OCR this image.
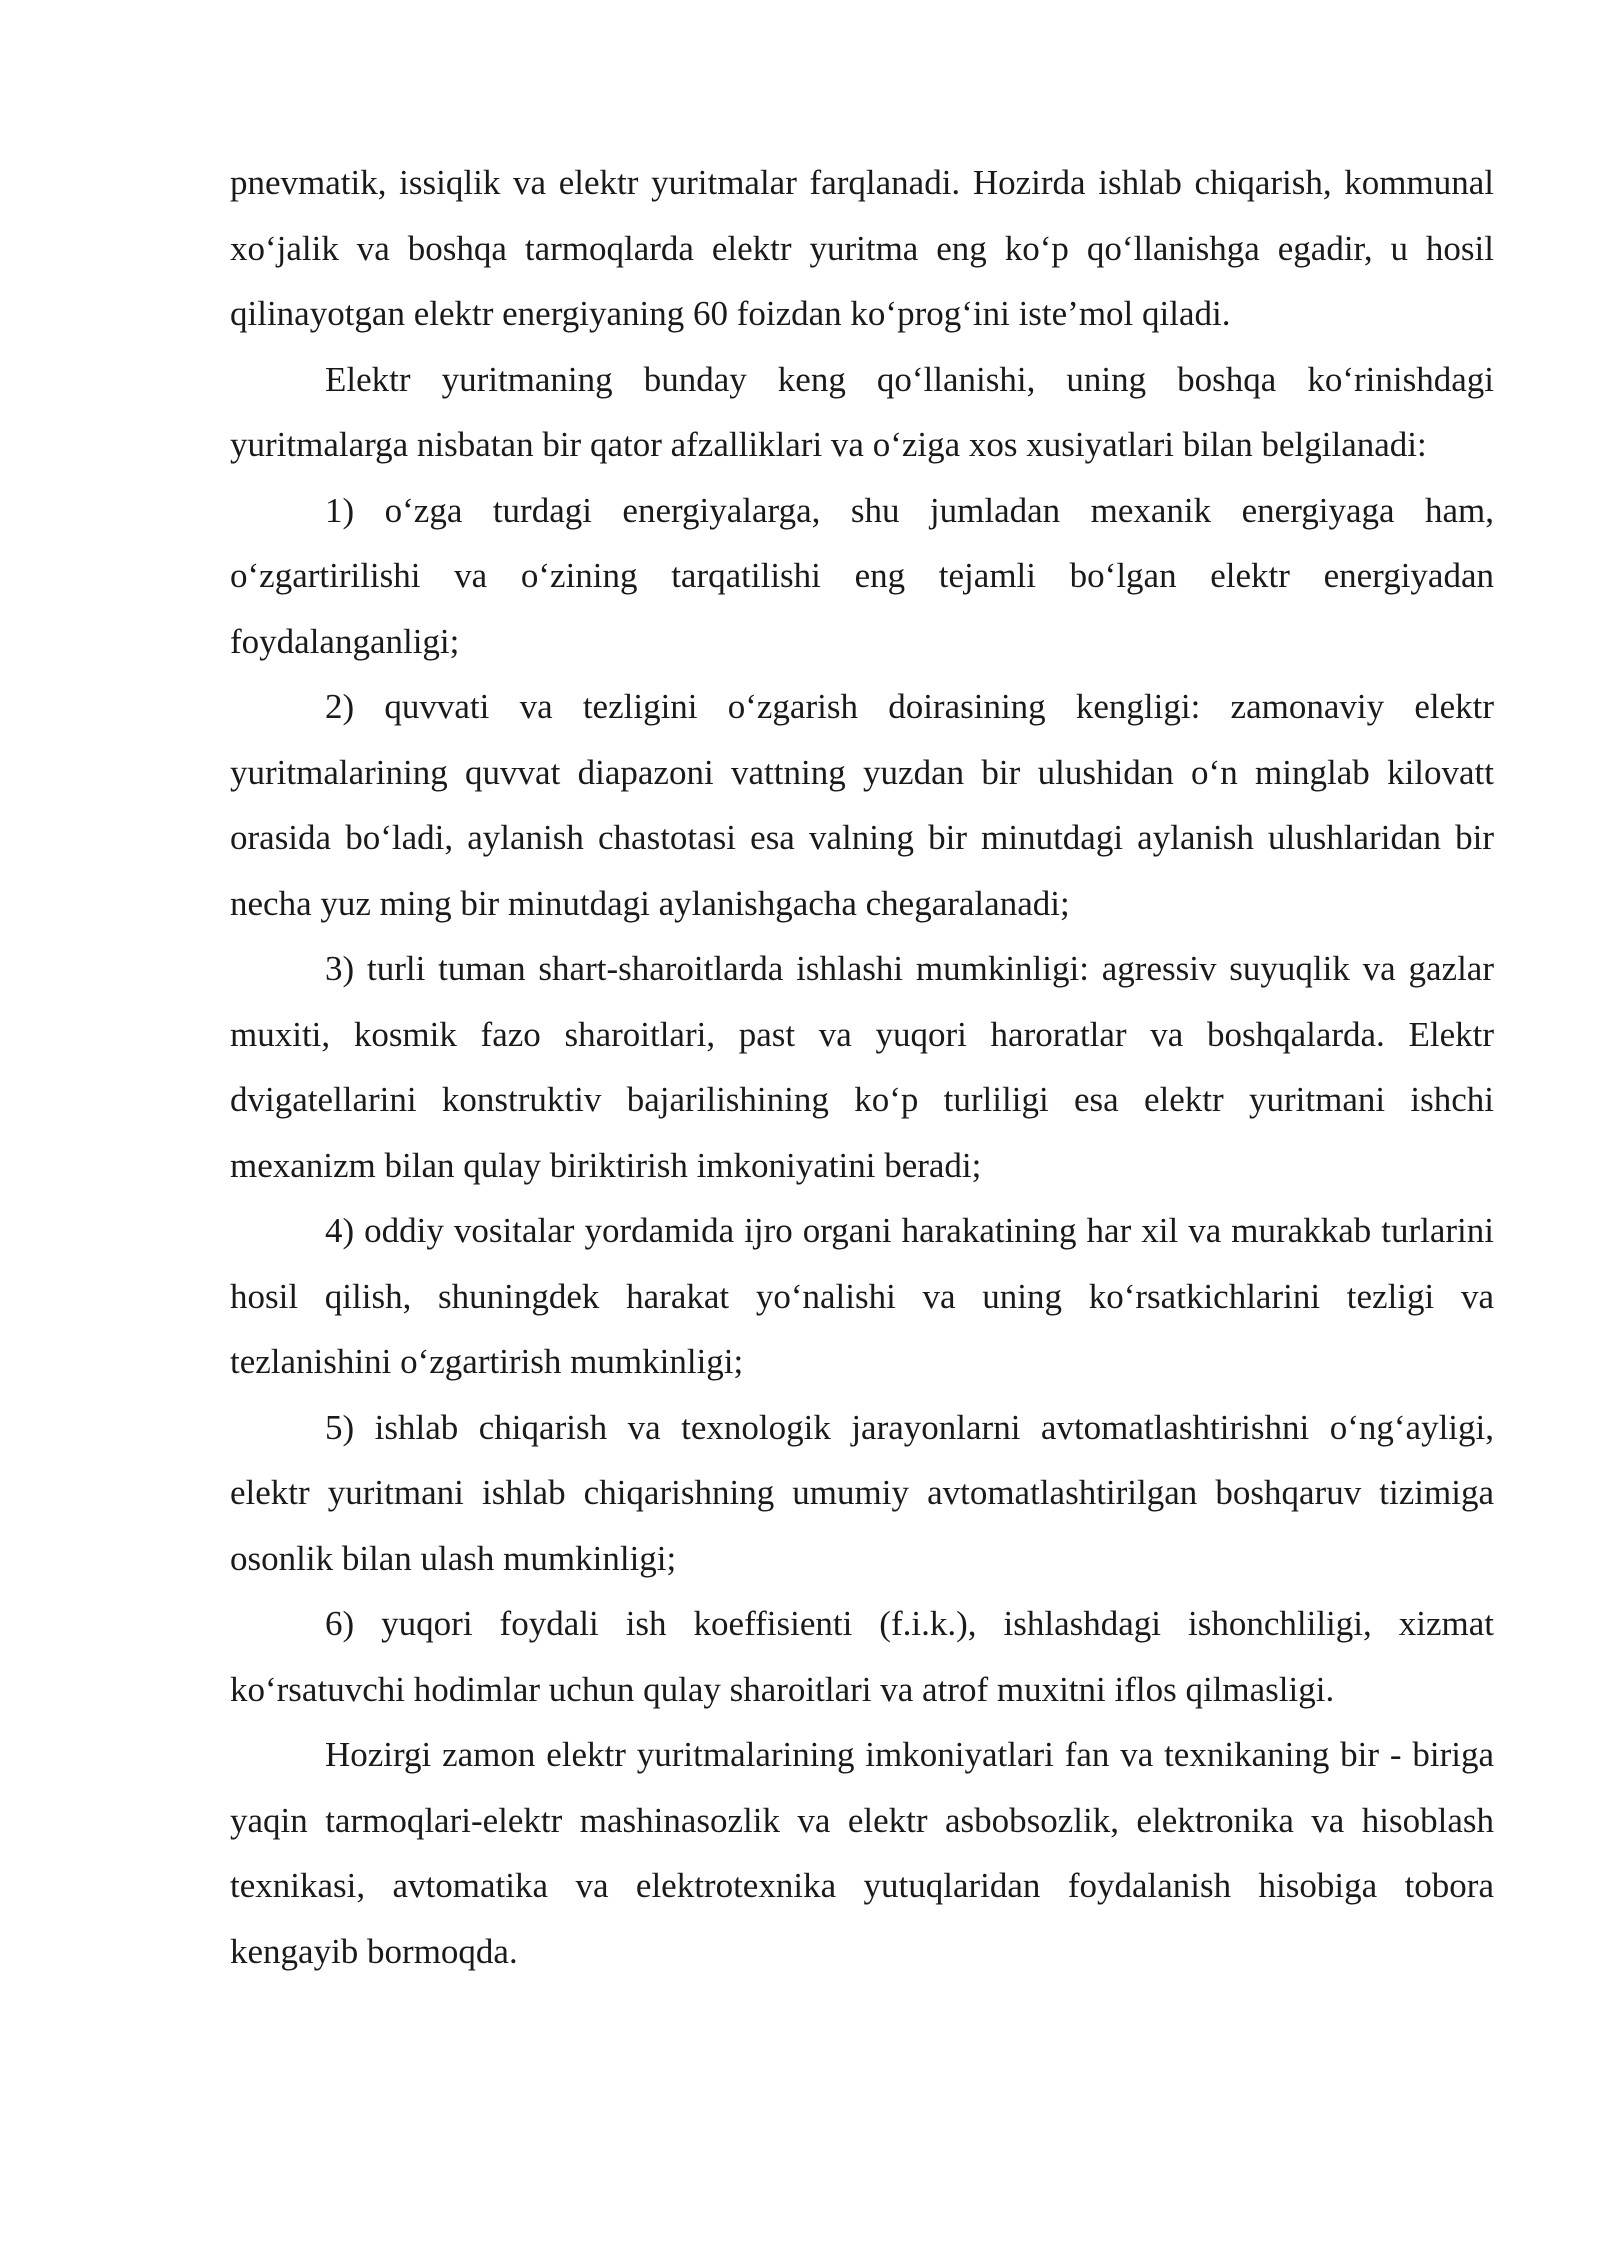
pnevmatik, issiqlik va elektr yuritmalar farqlanadi. Hozirda ishlab chiqarish, kommunal xo‘jalik va boshqa tarmoqlarda elektr yuritma eng ko‘p qo‘llanishga egadir, u hosil qilinayotgan elektr energiyaning 60 foizdan ko‘prog‘ini iste’mol qiladi.

Elektr yuritmaning bunday keng qo‘llanishi, uning boshqa ko‘rinishdagi yuritmalarga nisbatan bir qator afzalliklari va o‘ziga xos xusiyatlari bilan belgilanadi:

1) o‘zga turdagi energiyalarga, shu jumladan mexanik energiyaga ham, o‘zgartirilishi va o‘zining tarqatilishi eng tejamli bo‘lgan elektr energiyadan foydalanganligi;

2) quvvati va tezligini o‘zgarish doirasining kengligi: zamonaviy elektr yuritmalarining quvvat diapazoni vattning yuzdan bir ulushidan o‘n minglab kilovatt orasida bo‘ladi, aylanish chastotasi esa valning bir minutdagi aylanish ulushlaridan bir necha yuz ming bir minutdagi aylanishgacha chegaralanadi;

3) turli tuman shart-sharoitlarda ishlashi mumkinligi: agressiv suyuqlik va gazlar muxiti, kosmik fazo sharoitlari, past va yuqori haroratlar va boshqalarda. Elektr dvigatellarini konstruktiv bajarilishining ko‘p turliligi esa elektr yuritmani ishchi mexanizm bilan qulay biriktirish imkoniyatini beradi;

4) oddiy vositalar yordamida ijro organi harakatining har xil va murakkab turlarini hosil qilish, shuningdek harakat yo‘nalishi va uning ko‘rsatkichlarini tezligi va tezlanishini o‘zgartirish mumkinligi;

5) ishlab chiqarish va texnologik jarayonlarni avtomatlashtirishni o‘ng‘ayligi, elektr yuritmani ishlab chiqarishning umumiy avtomatlashtirilgan boshqaruv tizimiga osonlik bilan ulash mumkinligi;

6) yuqori foydali ish koeffisienti (f.i.k.), ishlashdagi ishonchliligi, xizmat ko‘rsatuvchi hodimlar uchun qulay sharoitlari va atrof muxitni iflos qilmasligi.

Hozirgi zamon elektr yuritmalarining imkoniyatlari fan va texnikaning bir - biriga yaqin tarmoqlari-elektr mashinasozlik va elektr asbobsozlik, elektronika va hisoblash texnikasi, avtomatika va elektrotexnika yutuqlaridan foydalanish hisobiga tobora kengayib bormoqda.
